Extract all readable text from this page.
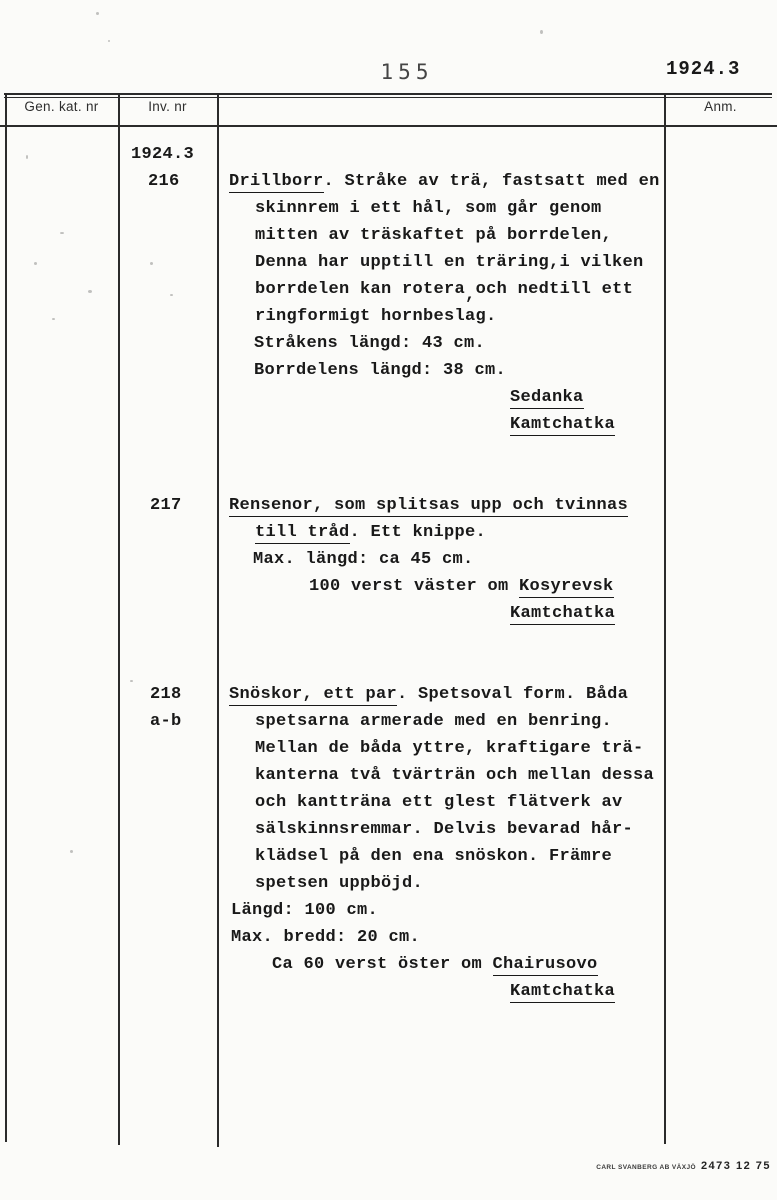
155	1924.3
Gen. kat. nr	Inv. nr	Anm.
1924.3
216	Drillborr. Stråke av trä, fastsatt med en
skinnrem i ett hål, som går genom
mitten av träskaftet på borrdelen,
Denna har upptill en träring,i vilken
borrdelen kan rotera,och nedtill ett
ringformigt hornbeslag.
Stråkens längd: 43 cm.
Borrdelens längd: 38 cm.
Sedanka
Kamtchatka
217	Rensenor, som splitsas upp och tvinnas
till tråd. Ett knippe.
Max. längd: ca 45 cm.
100 verst väster om Kosyrevsk
Kamtchatka
218	Snöskor, ett par. Spetsoval form. Båda
a-b	spetsarna armerade med en benring.
Mellan de båda yttre, kraftigare trä-
kanterna två tvärträn och mellan dessa
och kantträna ett glest flätverk av
sälskinnsremmar. Delvis bevarad hår-
klädsel på den ena snöskon. Främre
spetsen uppböjd.
Längd: 100 cm.
Max. bredd: 20 cm.
Ca 60 verst öster om Chairusovo
Kamtchatka
CARL SVANBERG AB VÄXJÖ 2473 12 75
